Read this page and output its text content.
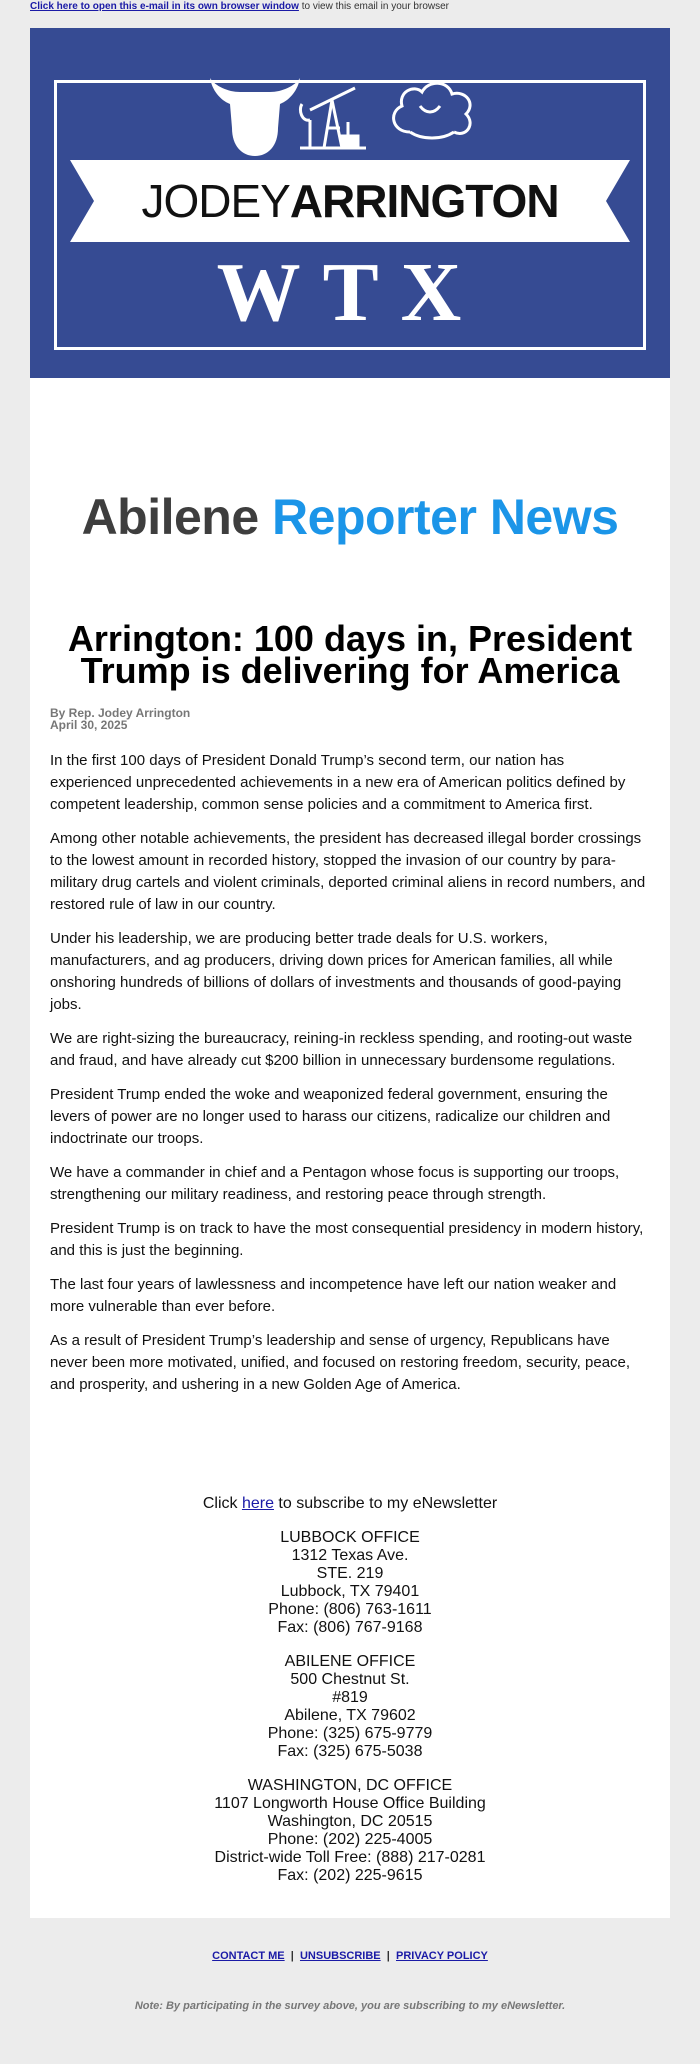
Click here to open this e-mail in its own browser window to view this email in your browser
JODEY ARRINGTON
WTX
Abilene Reporter News
Arrington: 100 days in, President Trump is delivering for America
By Rep. Jodey Arrington
April 30, 2025

In the first 100 days of President Donald Trump’s second term, our nation has experienced unprecedented achievements in a new era of American politics defined by competent leadership, common sense policies and a commitment to America first.

Among other notable achievements, the president has decreased illegal border crossings to the lowest amount in recorded history, stopped the invasion of our country by para-military drug cartels and violent criminals, deported criminal aliens in record numbers, and restored rule of law in our country.

Under his leadership, we are producing better trade deals for U.S. workers, manufacturers, and ag producers, driving down prices for American families, all while onshoring hundreds of billions of dollars of investments and thousands of good-paying jobs.

We are right-sizing the bureaucracy, reining-in reckless spending, and rooting-out waste and fraud, and have already cut $200 billion in unnecessary burdensome regulations.

President Trump ended the woke and weaponized federal government, ensuring the levers of power are no longer used to harass our citizens, radicalize our children and indoctrinate our troops.

We have a commander in chief and a Pentagon whose focus is supporting our troops, strengthening our military readiness, and restoring peace through strength.

President Trump is on track to have the most consequential presidency in modern history, and this is just the beginning.

The last four years of lawlessness and incompetence have left our nation weaker and more vulnerable than ever before.

As a result of President Trump’s leadership and sense of urgency, Republicans have never been more motivated, unified, and focused on restoring freedom, security, peace, and prosperity, and ushering in a new Golden Age of America.

Click here to subscribe to my eNewsletter
LUBBOCK OFFICE
1312 Texas Ave.
STE. 219
Lubbock, TX 79401
Phone: (806) 763-1611
Fax: (806) 767-9168
ABILENE OFFICE
500 Chestnut St.
#819
Abilene, TX 79602
Phone: (325) 675-9779
Fax: (325) 675-5038
WASHINGTON, DC OFFICE
1107 Longworth House Office Building
Washington, DC 20515
Phone: (202) 225-4005
District-wide Toll Free: (888) 217-0281
Fax: (202) 225-9615
CONTACT ME | UNSUBSCRIBE | PRIVACY POLICY
Note: By participating in the survey above, you are subscribing to my eNewsletter.
